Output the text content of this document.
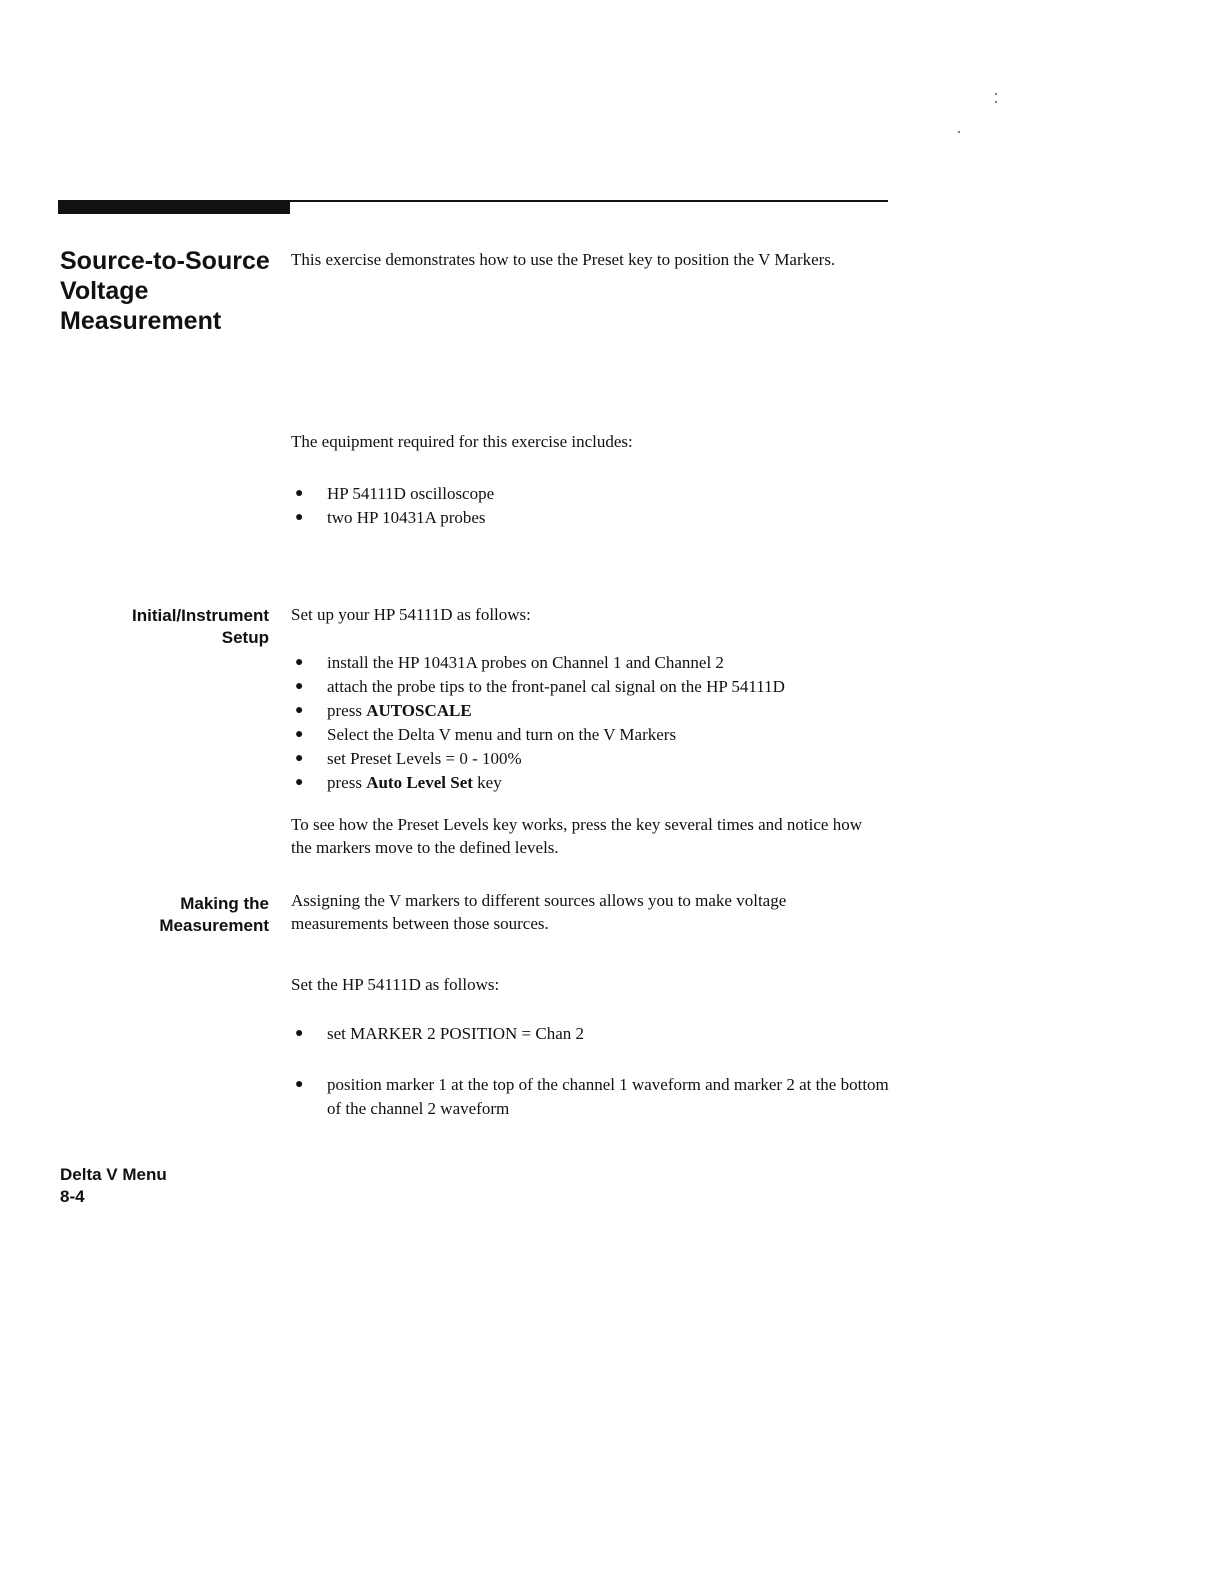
Source-to-Source
Voltage
Measurement

This exercise demonstrates how to use the Preset key to position the V Markers.

The equipment required for this exercise includes:

● HP 54111D oscilloscope
● two HP 10431A probes
Initial/Instrument
Setup

Set up your HP 54111D as follows:

● install the HP 10431A probes on Channel 1 and Channel 2
● attach the probe tips to the front-panel cal signal on the HP 54111D
● press AUTOSCALE
● Select the Delta V menu and turn on the V Markers
● set Preset Levels = 0 - 100%
● press Auto Level Set key

To see how the Preset Levels key works, press the key several times and notice how the markers move to the defined levels.

Making the
Measurement

Assigning the V markers to different sources allows you to make voltage measurements between those sources.

Set the HP 54111D as follows:

● set MARKER 2 POSITION = Chan 2
● position marker 1 at the top of the channel 1 waveform and marker 2 at the bottom of the channel 2 waveform
Delta V Menu
8-4
